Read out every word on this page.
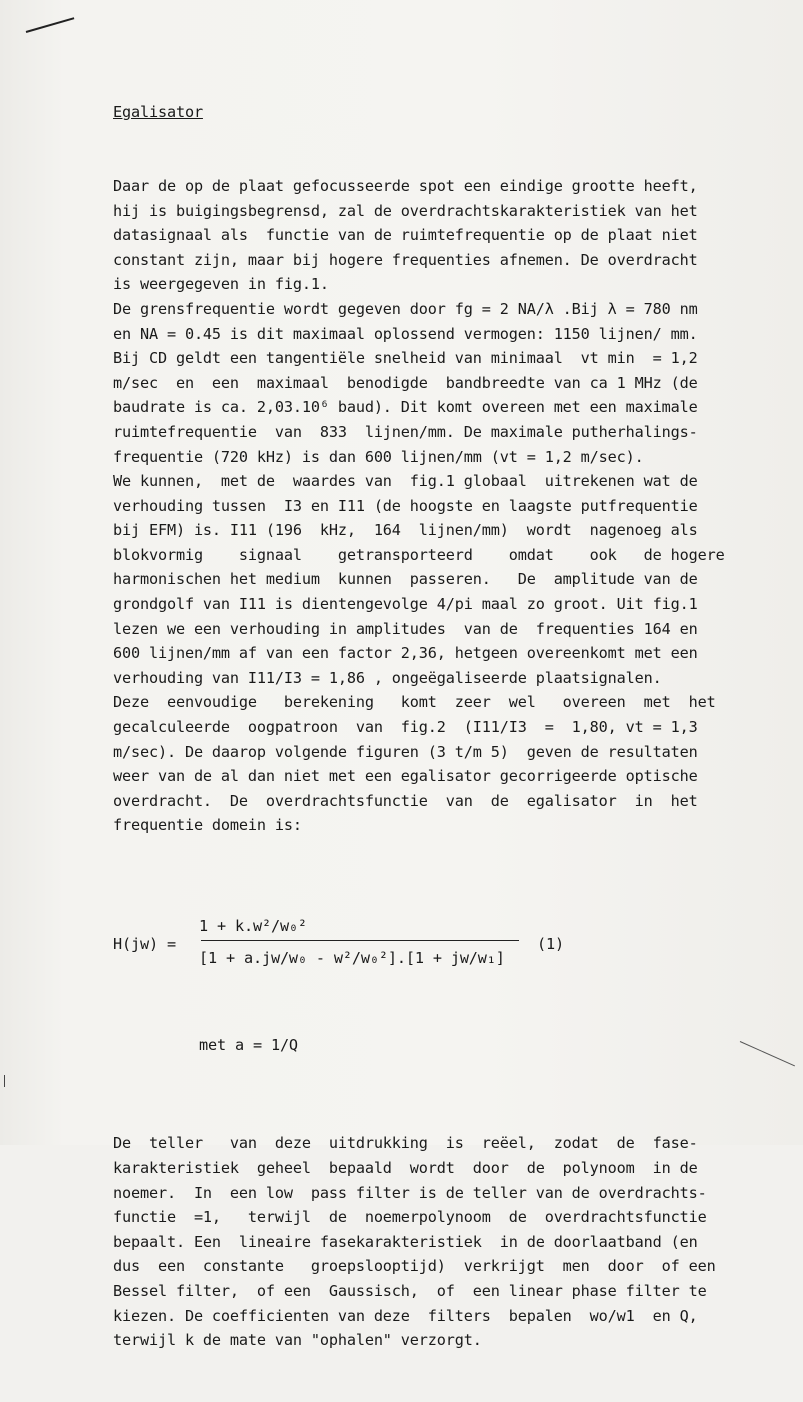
Egalisator

Daar de op de plaat gefocusseerde spot een eindige grootte heeft,
hij is buigingsbegrensd, zal de overdrachtskarakteristiek van het
datasignaal als  functie van de ruimtefrequentie op de plaat niet
constant zijn, maar bij hogere frequenties afnemen. De overdracht
is weergegeven in fig.1.
De grensfrequentie wordt gegeven door fg = 2 NA/λ .Bij λ = 780 nm
en NA = 0.45 is dit maximaal oplossend vermogen: 1150 lijnen/ mm.
Bij CD geldt een tangentiële snelheid van minimaal  vt min  = 1,2
m/sec  en  een  maximaal  benodigde  bandbreedte van ca 1 MHz (de
baudrate is ca. 2,03.10⁶ baud). Dit komt overeen met een maximale
ruimtefrequentie  van  833  lijnen/mm. De maximale putherhalings-
frequentie (720 kHz) is dan 600 lijnen/mm (vt = 1,2 m/sec).
We kunnen,  met de  waardes van  fig.1 globaal  uitrekenen wat de
verhouding tussen  I3 en I11 (de hoogste en laagste putfrequentie
bij EFM) is. I11 (196  kHz,  164  lijnen/mm)  wordt  nagenoeg als
blokvormig    signaal    getransporteerd    omdat    ook   de hogere
harmonischen het medium  kunnen  passeren.   De  amplitude van de
grondgolf van I11 is dientengevolge 4/pi maal zo groot. Uit fig.1
lezen we een verhouding in amplitudes  van de  frequenties 164 en
600 lijnen/mm af van een factor 2,36, hetgeen overeenkomt met een
verhouding van I11/I3 = 1,86 , ongeëgaliseerde plaatsignalen.
Deze  eenvoudige   berekening   komt  zeer  wel   overeen  met  het
gecalculeerde  oogpatroon  van  fig.2  (I11/I3  =  1,80, vt = 1,3
m/sec). De daarop volgende figuren (3 t/m 5)  geven de resultaten
weer van de al dan niet met een egalisator gecorrigeerde optische
overdracht.  De  overdrachtsfunctie  van  de  egalisator  in  het
frequentie domein is:

1 + k.w²/w₀²

H(jw) =

[1 + a.jw/w₀ - w²/w₀²].[1 + jw/w₁]

(1)

met a = 1/Q

De  teller   van  deze  uitdrukking  is  reëel,  zodat  de  fase-
karakteristiek  geheel  bepaald  wordt  door  de  polynoom  in de
noemer.  In  een low  pass filter is de teller van de overdrachts-
functie  =1,   terwijl  de  noemerpolynoom  de  overdrachtsfunctie
bepaalt. Een  lineaire fasekarakteristiek  in de doorlaatband (en
dus  een  constante   groepslooptijd)  verkrijgt  men  door  of een
Bessel filter,  of een  Gaussisch,  of  een linear phase filter te
kiezen. De coefficienten van deze  filters  bepalen  wo/w1  en Q,
terwijl k de mate van "ophalen" verzorgt.
